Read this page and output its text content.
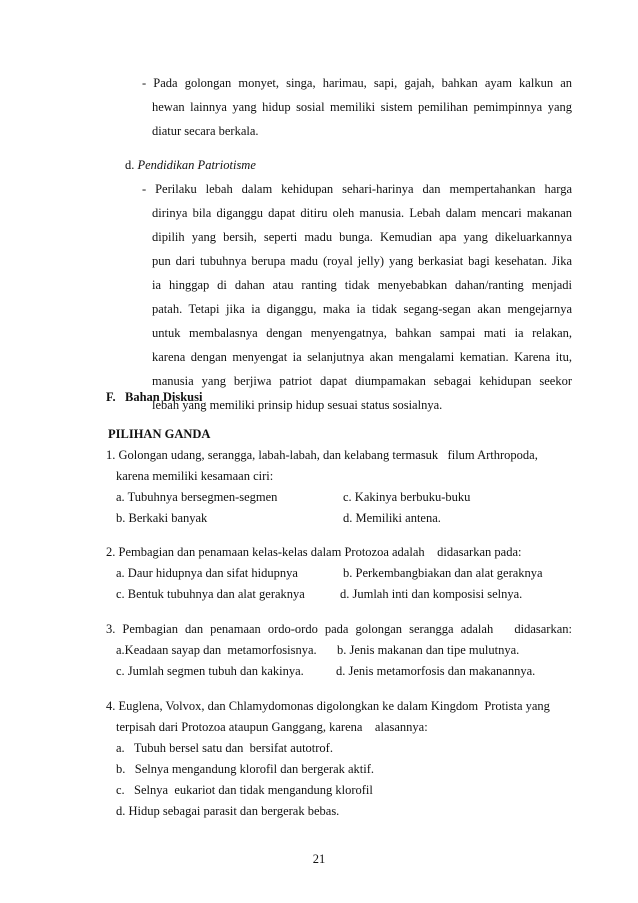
- Pada golongan monyet, singa, harimau, sapi, gajah, bahkan ayam kalkun an
hewan lainnya yang hidup sosial memiliki sistem pemilihan pemimpinnya yang
diatur secara berkala.
d. Pendidikan Patriotisme
- Perilaku lebah dalam kehidupan sehari-harinya dan mempertahankan harga
dirinya bila diganggu dapat ditiru oleh manusia. Lebah dalam mencari makanan
dipilih yang bersih, seperti madu bunga. Kemudian apa yang dikeluarkannya
pun dari tubuhnya berupa madu (royal jelly) yang berkasiat bagi kesehatan. Jika
ia hinggap di dahan atau ranting tidak menyebabkan dahan/ranting menjadi
patah. Tetapi jika ia diganggu, maka ia tidak segang-segan akan mengejarnya
untuk membalasnya dengan menyengatnya, bahkan sampai mati ia relakan,
karena dengan menyengat ia selanjutnya akan mengalami kematian. Karena itu,
manusia yang berjiwa patriot dapat diumpamakan sebagai kehidupan seekor
lebah yang memiliki prinsip hidup sesuai status sosialnya.
F.   Bahan Diskusi
PILIHAN GANDA
1. Golongan udang, serangga, labah-labah, dan kelabang termasuk   filum Arthropoda,
karena memiliki kesamaan ciri:
a. Tubuhnya bersegmen-segmen	c. Kakinya berbuku-buku
b. Berkaki banyak	d. Memiliki antena.
2. Pembagian dan penamaan kelas-kelas dalam Protozoa adalah    didasarkan pada:
a. Daur hidupnya dan sifat hidupnya	b. Perkembangbiakan dan alat geraknya
c. Bentuk tubuhnya dan alat geraknya	d. Jumlah inti dan komposisi selnya.
3. Pembagian dan penamaan ordo-ordo pada golongan serangga adalah   didasarkan:
a.Keadaan sayap dan  metamorfosisnya. b. Jenis makanan dan tipe mulutnya.
c. Jumlah segmen tubuh dan kakinya.	d. Jenis metamorfosis dan makanannya.
4. Euglena, Volvox, dan Chlamydomonas digolongkan ke dalam Kingdom  Protista yang
terpisah dari Protozoa ataupun Ganggang, karena    alasannya:
a.   Tubuh bersel satu dan  bersifat autotrof.
b.   Selnya mengandung klorofil dan bergerak aktif.
c.   Selnya  eukariot dan tidak mengandung klorofil
d. Hidup sebagai parasit dan bergerak bebas.
21
